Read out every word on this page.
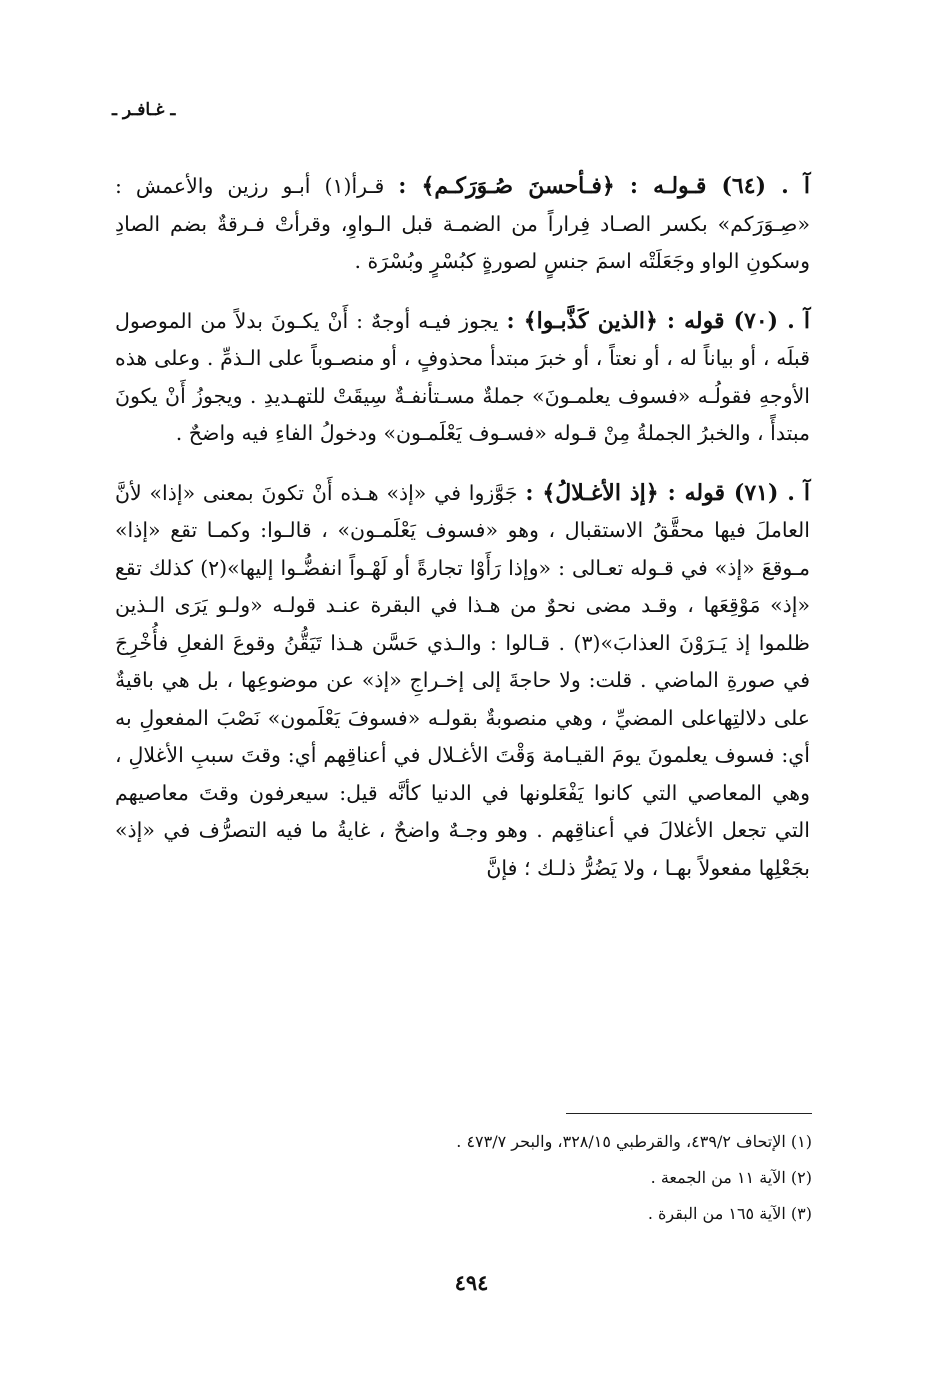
ـ غـافـر ـ

آ . (٦٤) قـولـه : ﴿فـأحسنَ صُـوَرَكـم﴾ : قـرأ(١) أبـو رزين والأعمش : «صِـوَرَكم» بكسر الصـاد فِراراً من الضمـة قبل الـواوِ، وقرأتْ فـرقةٌ بضم الصادِ وسكونِ الواو وجَعَلَتْه اسمَ جنسٍ لصورةٍ كبُسْرٍ وبُسْرَة .

آ . (٧٠) قوله : ﴿الذين كَذَّبـوا﴾ : يجوز فيـه أوجهٌ : أَنْ يكـونَ بدلاً من الموصول قبلَه ، أو بياناً له ، أو نعتاً ، أو خبرَ مبتدأ محذوفٍ ، أو منصـوباً على الـذمِّ . وعلى هذه الأوجهِ فقولُـه «فسوف يعلمـونَ» جملةٌ مسـتأنفـةٌ سِيقَتْ للتهـديدِ . ويجوزُ أَنْ يكونَ مبتدأً ، والخبرُ الجملةُ مِنْ قـوله «فسـوف يَعْلَمـون» ودخولُ الفاءِ فيه واضحٌ .

آ . (٧١) قوله : ﴿إذ الأغـلالُ﴾ : جَوَّزوا في «إذ» هـذه أَنْ تكونَ بمعنى «إذا» لأنَّ العاملَ فيها محقَّقُ الاستقبال ، وهو «فسوف يَعْلَمـون» ، قالـوا: وكمـا تقع «إذا» مـوقعَ «إذ» في قـوله تعـالى : «وإذا رَأَوْا تجارةً أو لَهْـواً انفضُّـوا إليها»(٢) كذلك تقع «إذ» مَوْقِعَها ، وقـد مضى نحوٌ من هـذا في البقرة عنـد قولـه «ولـو يَرَى الـذين ظلموا إذ يَـرَوْنَ العذابَ»(٣) . قـالوا : والـذي حَسَّن هـذا تَيَقُّنُ وقوعَ الفعلِ فأُخْرِجَ في صورةِ الماضي . قلت: ولا حاجةَ إلى إخـراجِ «إذ» عن موضوعِها ، بل هي باقيةٌ على دلالتِهاعلى المضيِّ ، وهي منصوبةٌ بقولـه «فسوفَ يَعْلَمون» نَصْبَ المفعولِ به أي: فسوف يعلمونَ يومَ القيـامة وَقْتَ الأغـلال في أعناقِهم أي: وقتَ سببِ الأغلالِ ، وهي المعاصي التي كانوا يَفْعَلونها في الدنيا كأنَّه قيل: سيعرفون وقتَ معاصيهم التي تجعل الأغلالَ في أعناقِهم . وهو وجـهٌ واضحٌ ، غايةُ ما فيه التصرُّف في «إذ» بجَعْلِها مفعولاً بهـا ، ولا يَضُرُّ ذلـك ؛ فإنَّ

(١) الإتحاف ٤٣٩/٢، والقرطبي ٣٢٨/١٥، والبحر ٤٧٣/٧ .
(٢) الآية ١١ من الجمعة .
(٣) الآية ١٦٥ من البقرة .
٤٩٤
